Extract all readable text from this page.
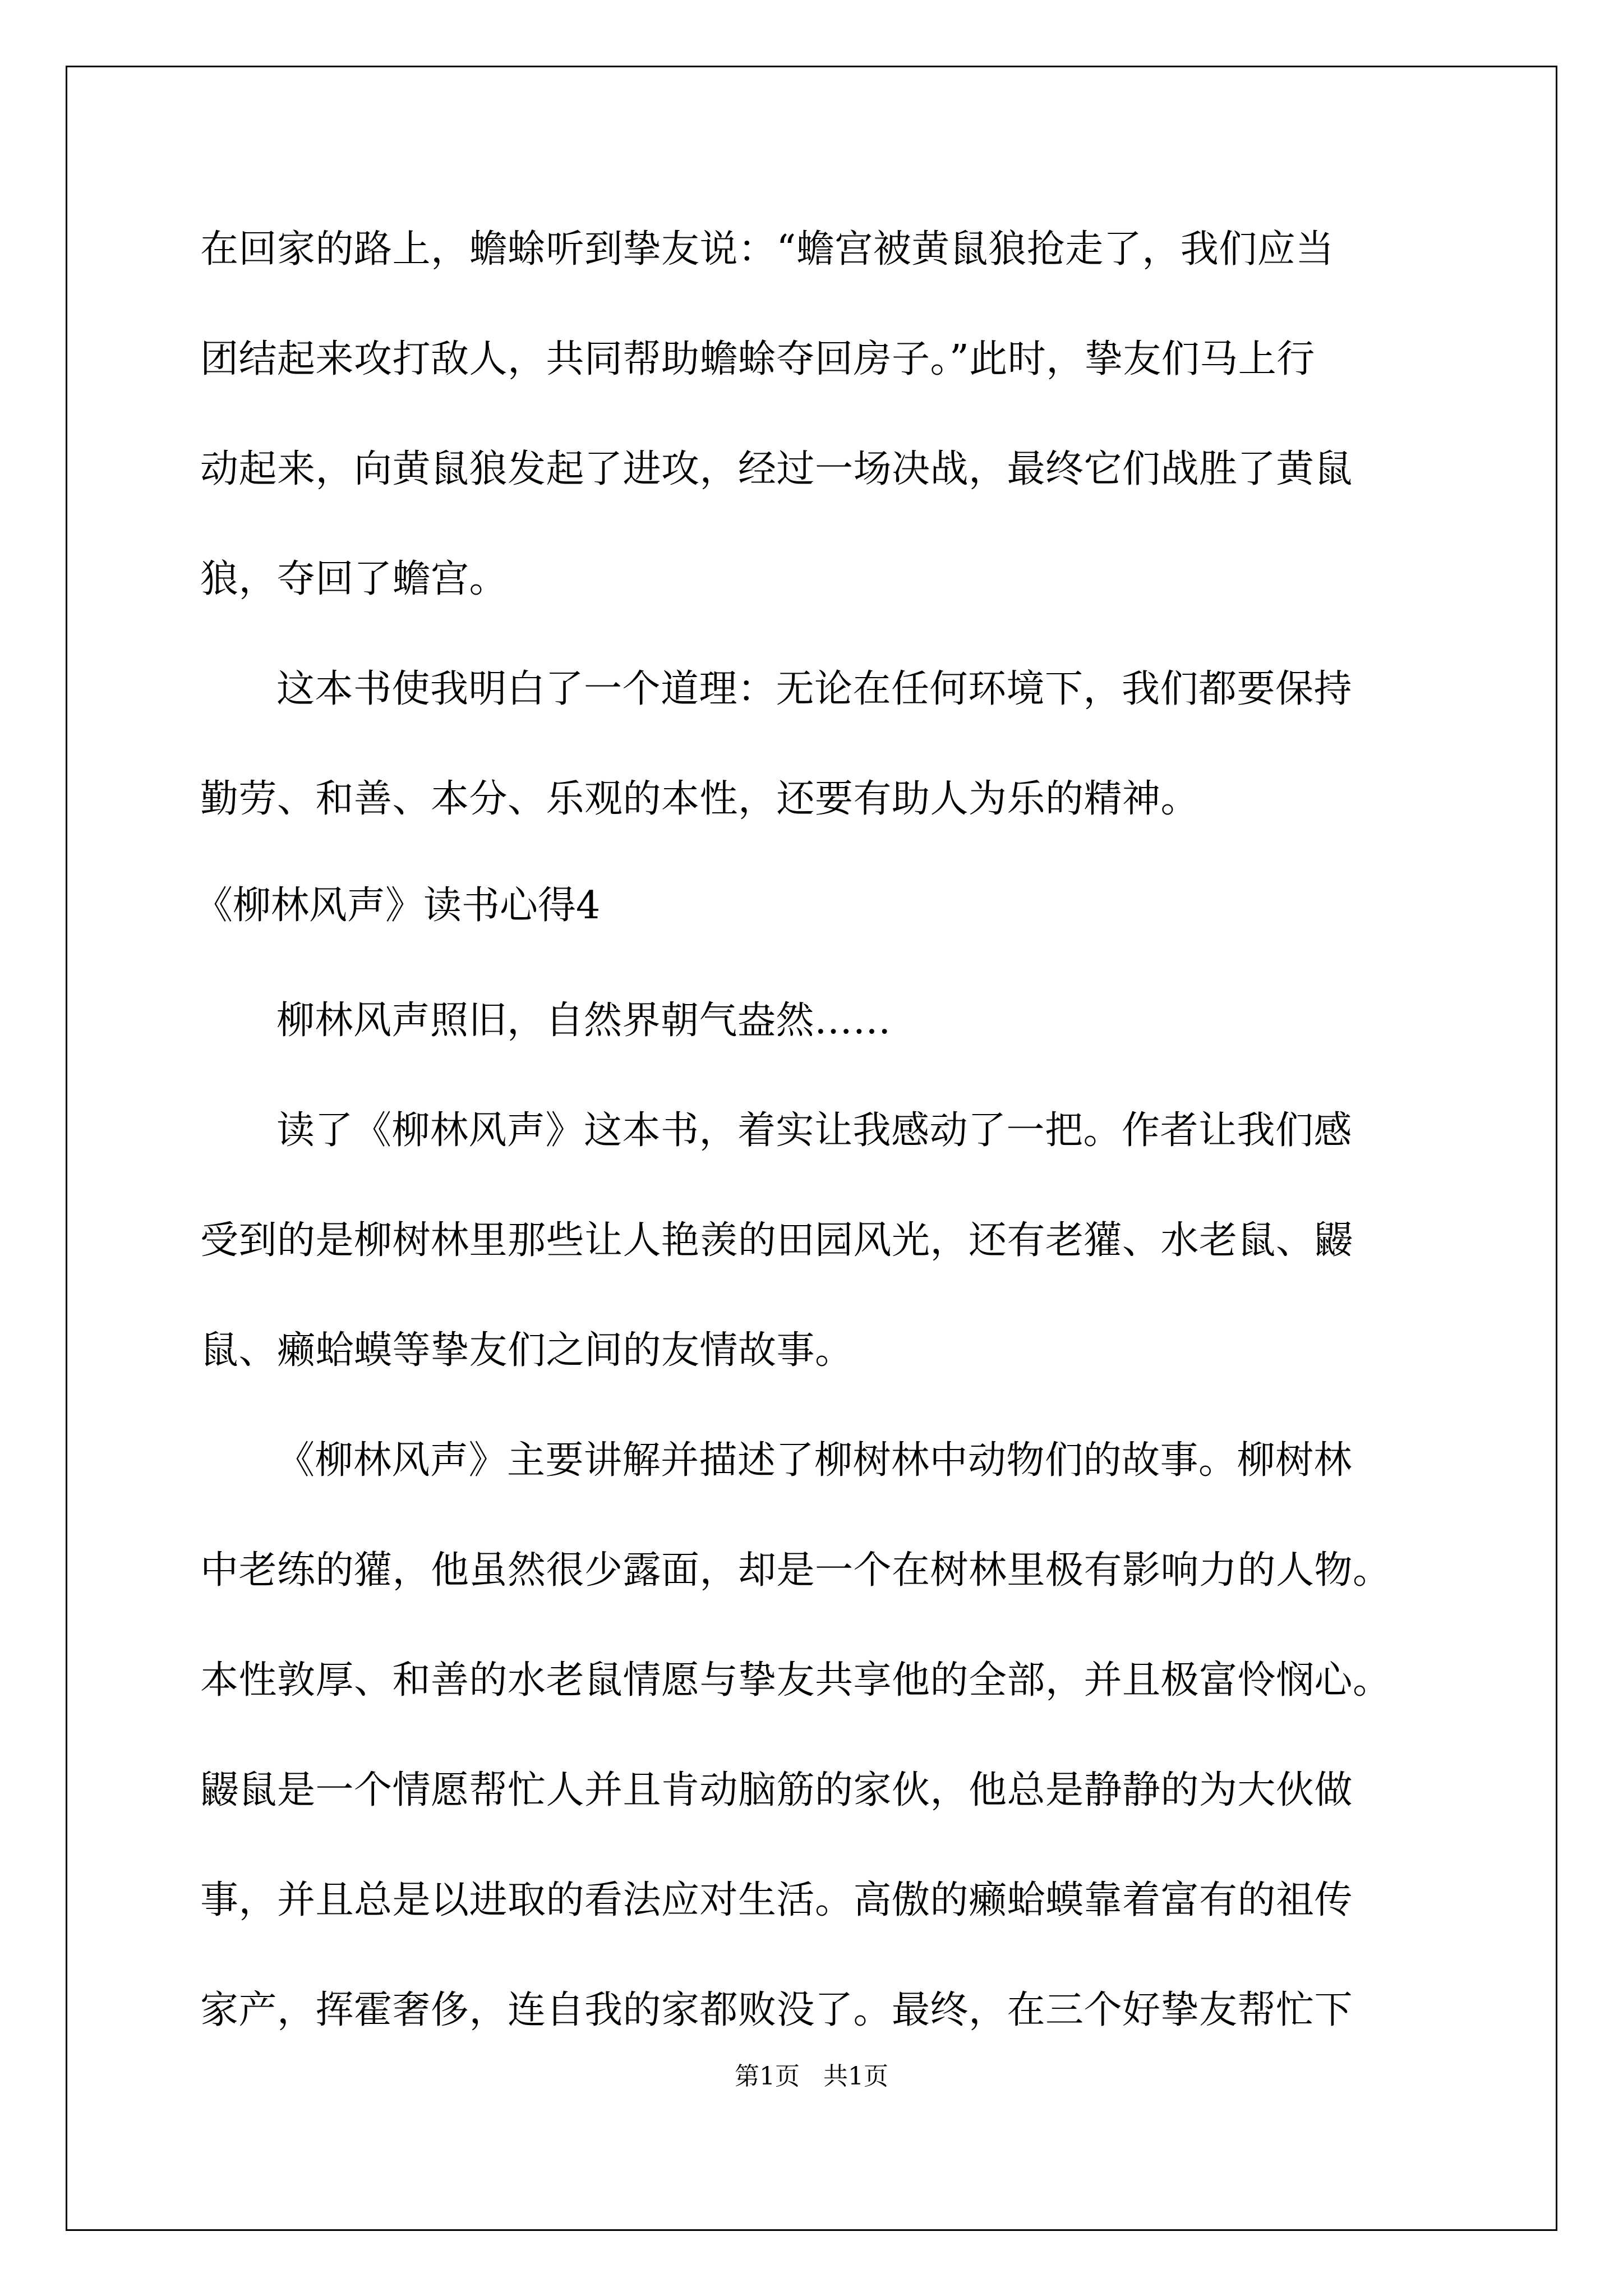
在回家的路上，蟾蜍听到挚友说：“蟾宫被黄鼠狼抢走了，我们应当
团结起来攻打敌人，共同帮助蟾蜍夺回房子。”此时，挚友们马上行
动起来，向黄鼠狼发起了进攻，经过一场决战，最终它们战胜了黄鼠
狼，夺回了蟾宫。
这本书使我明白了一个道理：无论在任何环境下，我们都要保持
勤劳、和善、本分、乐观的本性，还要有助人为乐的精神。
《柳林风声》读书心得4
柳林风声照旧，自然界朝气盎然……
读了《柳林风声》这本书，着实让我感动了一把。作者让我们感
受到的是柳树林里那些让人艳羡的田园风光，还有老獾、水老鼠、鼹
鼠、癞蛤蟆等挚友们之间的友情故事。
《柳林风声》主要讲解并描述了柳树林中动物们的故事。柳树林
中老练的獾，他虽然很少露面，却是一个在树林里极有影响力的人物。
本性敦厚、和善的水老鼠情愿与挚友共享他的全部，并且极富怜悯心。
鼹鼠是一个情愿帮忙人并且肯动脑筋的家伙，他总是静静的为大伙做
事，并且总是以进取的看法应对生活。高傲的癞蛤蟆靠着富有的祖传
家产，挥霍奢侈，连自我的家都败没了。最终，在三个好挚友帮忙下
第1页 共1页
